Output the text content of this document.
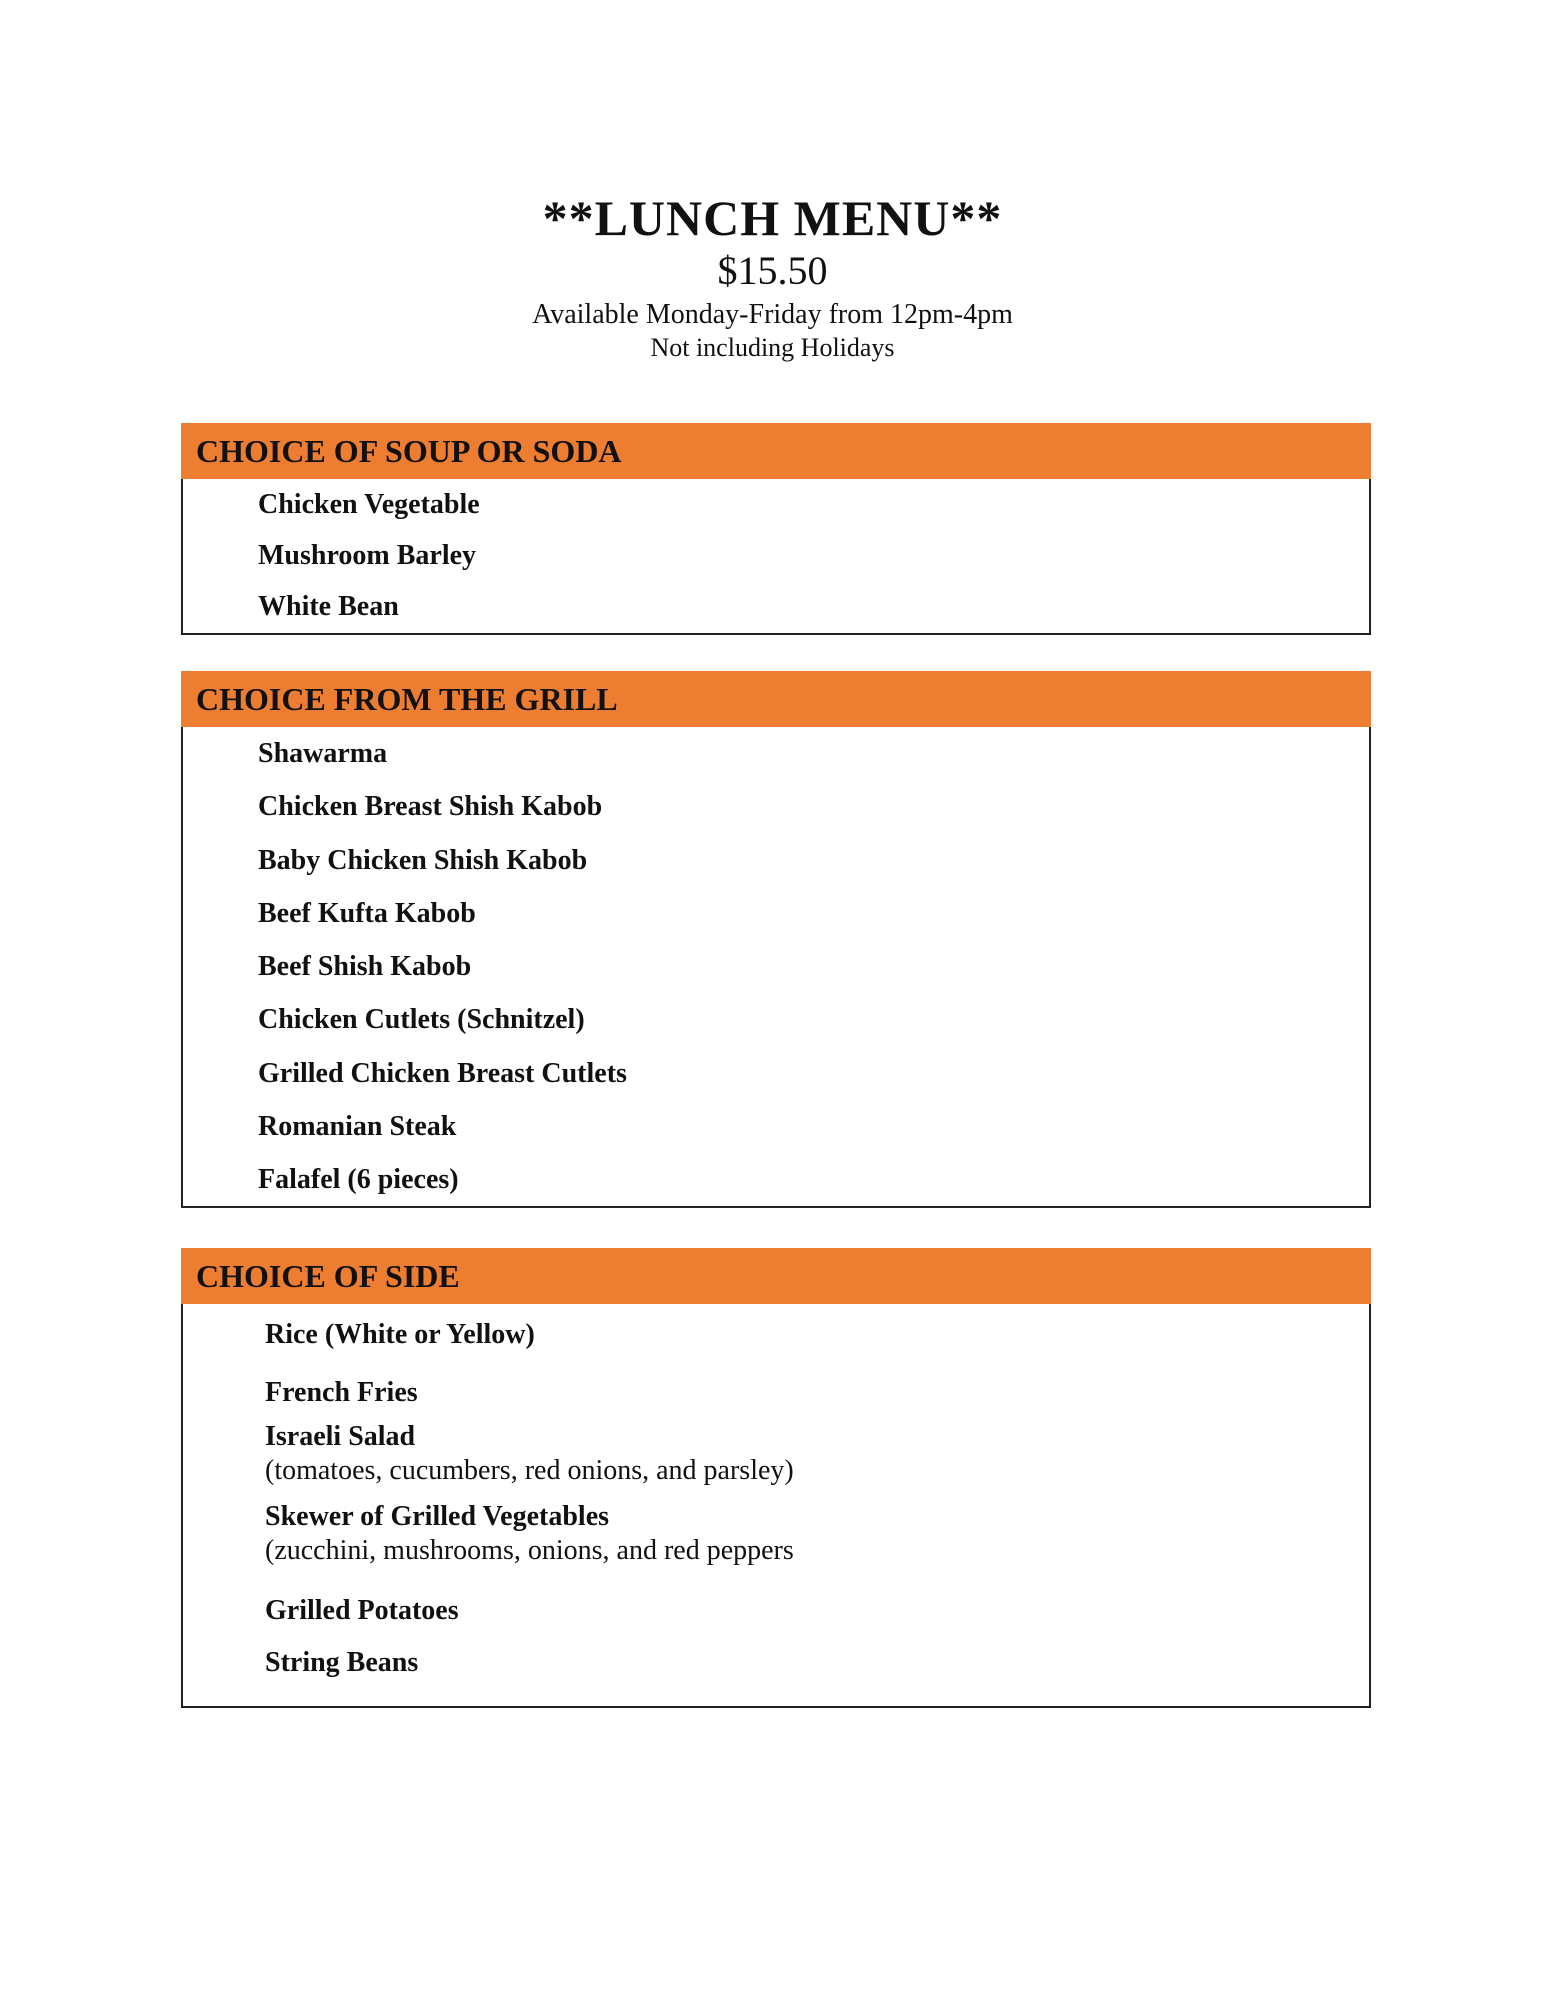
**LUNCH MENU**
$15.50
Available Monday-Friday from 12pm-4pm
Not including Holidays
CHOICE OF SOUP OR SODA
Chicken Vegetable
Mushroom Barley
White Bean
CHOICE FROM THE GRILL
Shawarma
Chicken Breast Shish Kabob
Baby Chicken Shish Kabob
Beef Kufta Kabob
Beef Shish Kabob
Chicken Cutlets (Schnitzel)
Grilled Chicken Breast Cutlets
Romanian Steak
Falafel (6 pieces)
CHOICE OF SIDE
Rice (White or Yellow)
French Fries
Israeli Salad
(tomatoes, cucumbers, red onions, and parsley)
Skewer of Grilled Vegetables
(zucchini, mushrooms, onions, and red peppers
Grilled Potatoes
String Beans
